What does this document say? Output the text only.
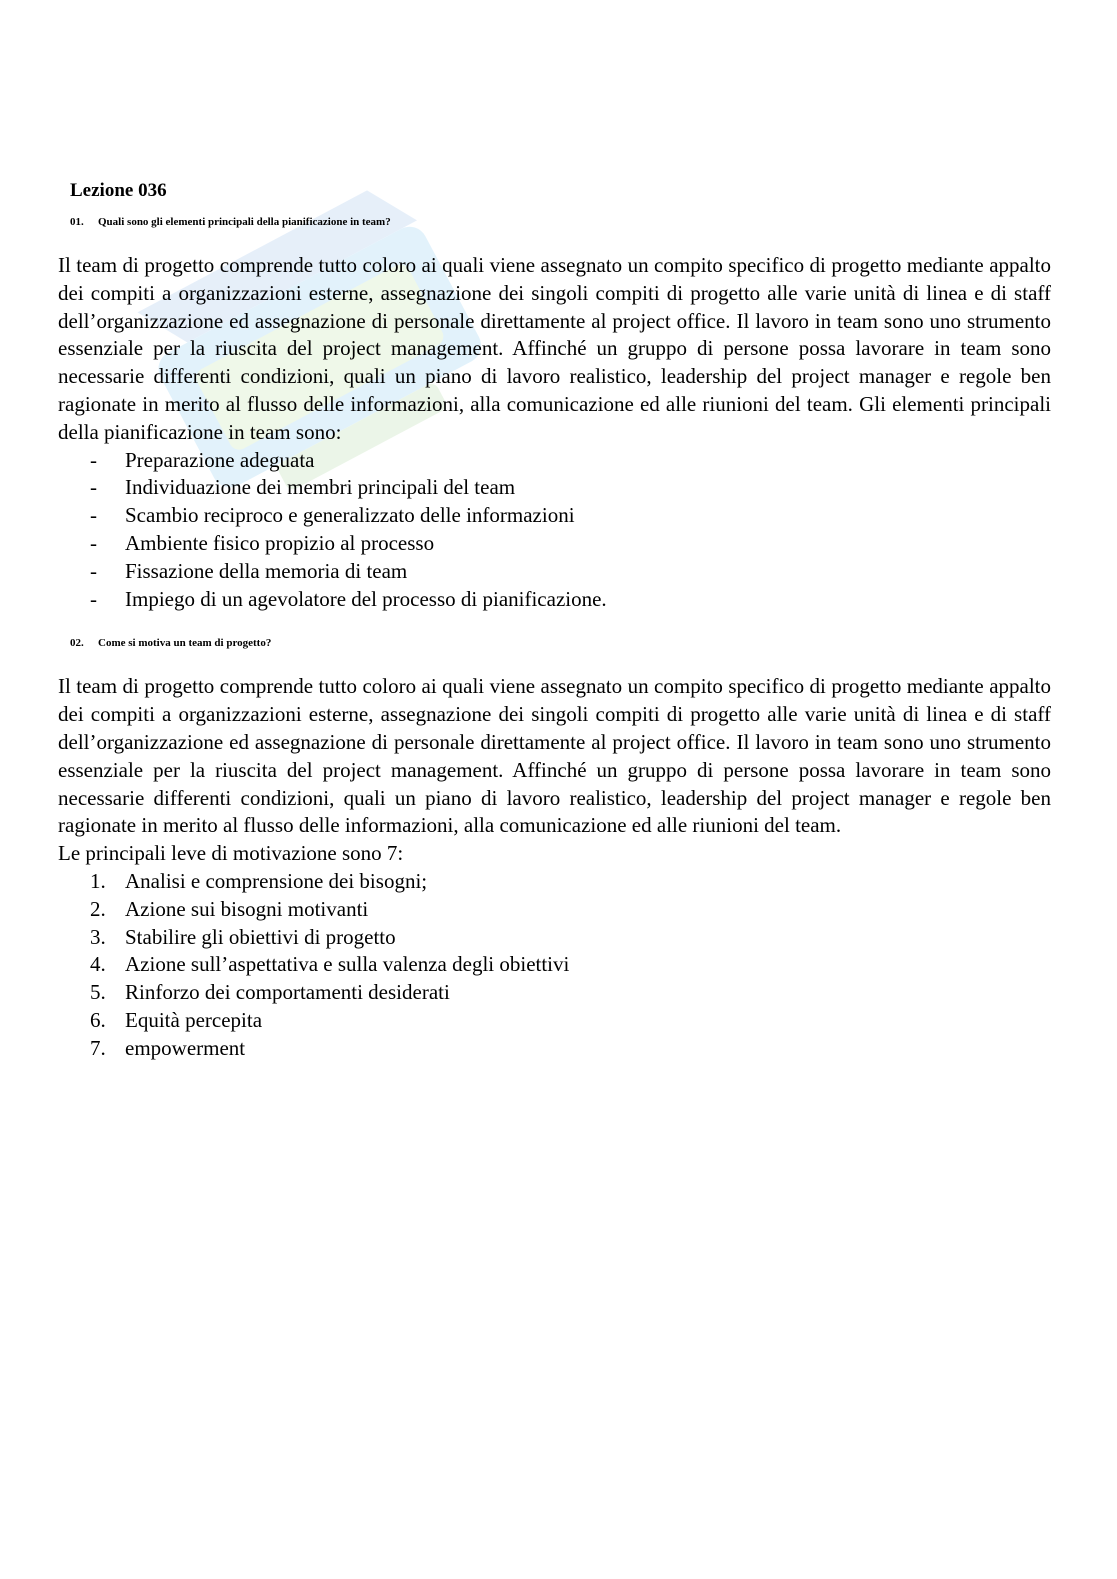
Lezione 036
01. Quali sono gli elementi principali della pianificazione in team?

Il team di progetto comprende tutto coloro ai quali viene assegnato un compito specifico di progetto mediante appalto dei compiti a organizzazioni esterne, assegnazione dei singoli compiti di progetto alle varie unità di linea e di staff dell’organizzazione ed assegnazione di personale direttamente al project office. Il lavoro in team sono uno strumento essenziale per la riuscita del project management. Affinché un gruppo di persone possa lavorare in team sono necessarie differenti condizioni, quali un piano di lavoro realistico, leadership del project manager e regole ben ragionate in merito al flusso delle informazioni, alla comunicazione ed alle riunioni del team. Gli elementi principali della pianificazione in team sono:

- Preparazione adeguata
- Individuazione dei membri principali del team
- Scambio reciproco e generalizzato delle informazioni
- Ambiente fisico propizio al processo
- Fissazione della memoria di team
- Impiego di un agevolatore del processo di pianificazione.
02. Come si motiva un team di progetto?

Il team di progetto comprende tutto coloro ai quali viene assegnato un compito specifico di progetto mediante appalto dei compiti a organizzazioni esterne, assegnazione dei singoli compiti di progetto alle varie unità di linea e di staff dell’organizzazione ed assegnazione di personale direttamente al project office. Il lavoro in team sono uno strumento essenziale per la riuscita del project management. Affinché un gruppo di persone possa lavorare in team sono necessarie differenti condizioni, quali un piano di lavoro realistico, leadership del project manager e regole ben ragionate in merito al flusso delle informazioni, alla comunicazione ed alle riunioni del team.

Le principali leve di motivazione sono 7:

1. Analisi e comprensione dei bisogni;
2. Azione sui bisogni motivanti
3. Stabilire gli obiettivi di progetto
4. Azione sull’aspettativa e sulla valenza degli obiettivi
5. Rinforzo dei comportamenti desiderati
6. Equità percepita
7. empowerment
